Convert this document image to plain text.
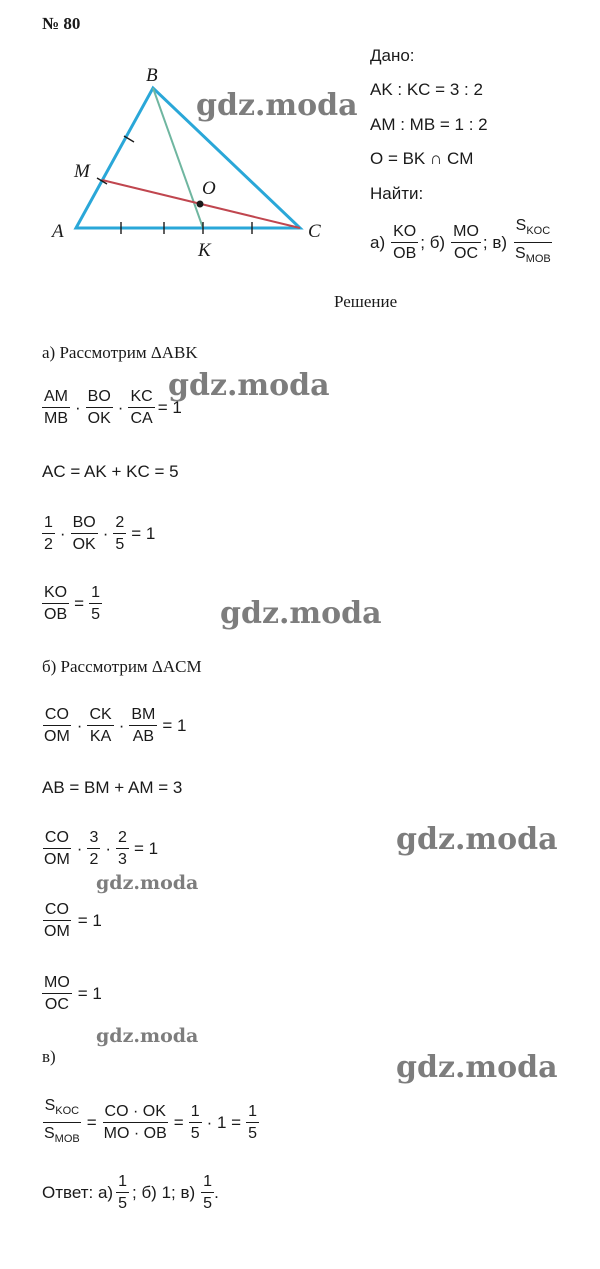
№ 80
A
B
C
M
O
K
Дано:
AK : KC = 3 : 2
AM : MB = 1 : 2
O = BK ∩ CM
Найти:
$а) \frac{KO}{OB}$ ; $б) \frac{MO}{OC}$ ; $в) \frac{S_{KOC}}{S_{MOB}}$
Решение
а) Рассмотрим ΔABK
$\frac{AM}{MB} \cdot \frac{BO}{OK} \cdot \frac{KC}{CA} = 1$
AC = AK + KC = 5
$\frac{1}{2} \cdot \frac{BO}{OK} \cdot \frac{2}{5} = 1$
$\frac{KO}{OB} = \frac{1}{5}$
б) Рассмотрим ΔACM
$\frac{CO}{OM} \cdot \frac{CK}{KA} \cdot \frac{BM}{AB} = 1$
AB = BM + AM = 3
$\frac{CO}{OM} \cdot \frac{3}{2} \cdot \frac{2}{3} = 1$
$\frac{CO}{OM} = 1$
$\frac{MO}{OC} = 1$
в)
$\frac{S_{KOC}}{S_{MOB}} = \frac{CO \cdot OK}{MO \cdot OB} = \frac{1}{5} \cdot 1 = \frac{1}{5}$
Ответ: $а) \frac{1}{5}$ ; б) 1; $в) \frac{1}{5}$ .
gdz.moda
gdz.moda
gdz.moda
gdz.moda
gdz.moda
gdz.moda
gdz.moda
